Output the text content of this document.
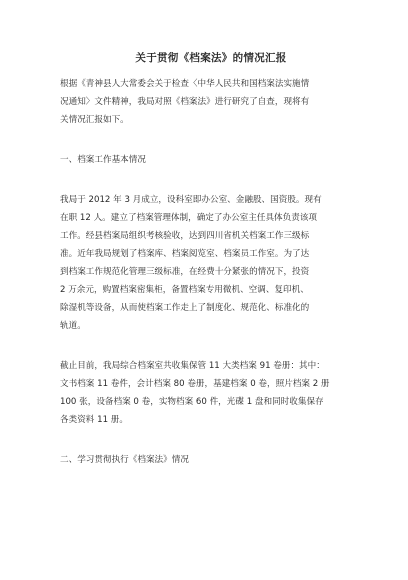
关于贯彻《档案法》的情况汇报

根据《青神县人大常委会关于检查〈中华人民共和国档案法实施情
况通知〉文件精神，我局对照《档案法》进行研究了自查，现将有
关情况汇报如下。

一、档案工作基本情况

我局于 2012 年 3 月成立，设科室即办公室、金融股、国资股。现有
在职 12 人。建立了档案管理体制，确定了办公室主任具体负责该项
工作。经县档案局组织考核验收，达到四川省机关档案工作三级标
准。近年我局规划了档案库、档案阅览室、档案员工作室。为了达
到档案工作规范化管理三级标准，在经费十分紧张的情况下，投资
2 万余元，购置档案密集柜，备置档案专用微机、空调、复印机、
除湿机等设备，从而使档案工作走上了制度化、规范化、标准化的
轨道。

截止目前，我局综合档案室共收集保管 11 大类档案 91 卷册：其中：
文书档案 11 卷件，会计档案 80 卷册，基建档案 0 卷，照片档案 2 册
100 张，设备档案 0 卷，实物档案 60 件，光碟 1 盘和同时收集保存
各类资料 11 册。

二、学习贯彻执行《档案法》情况
